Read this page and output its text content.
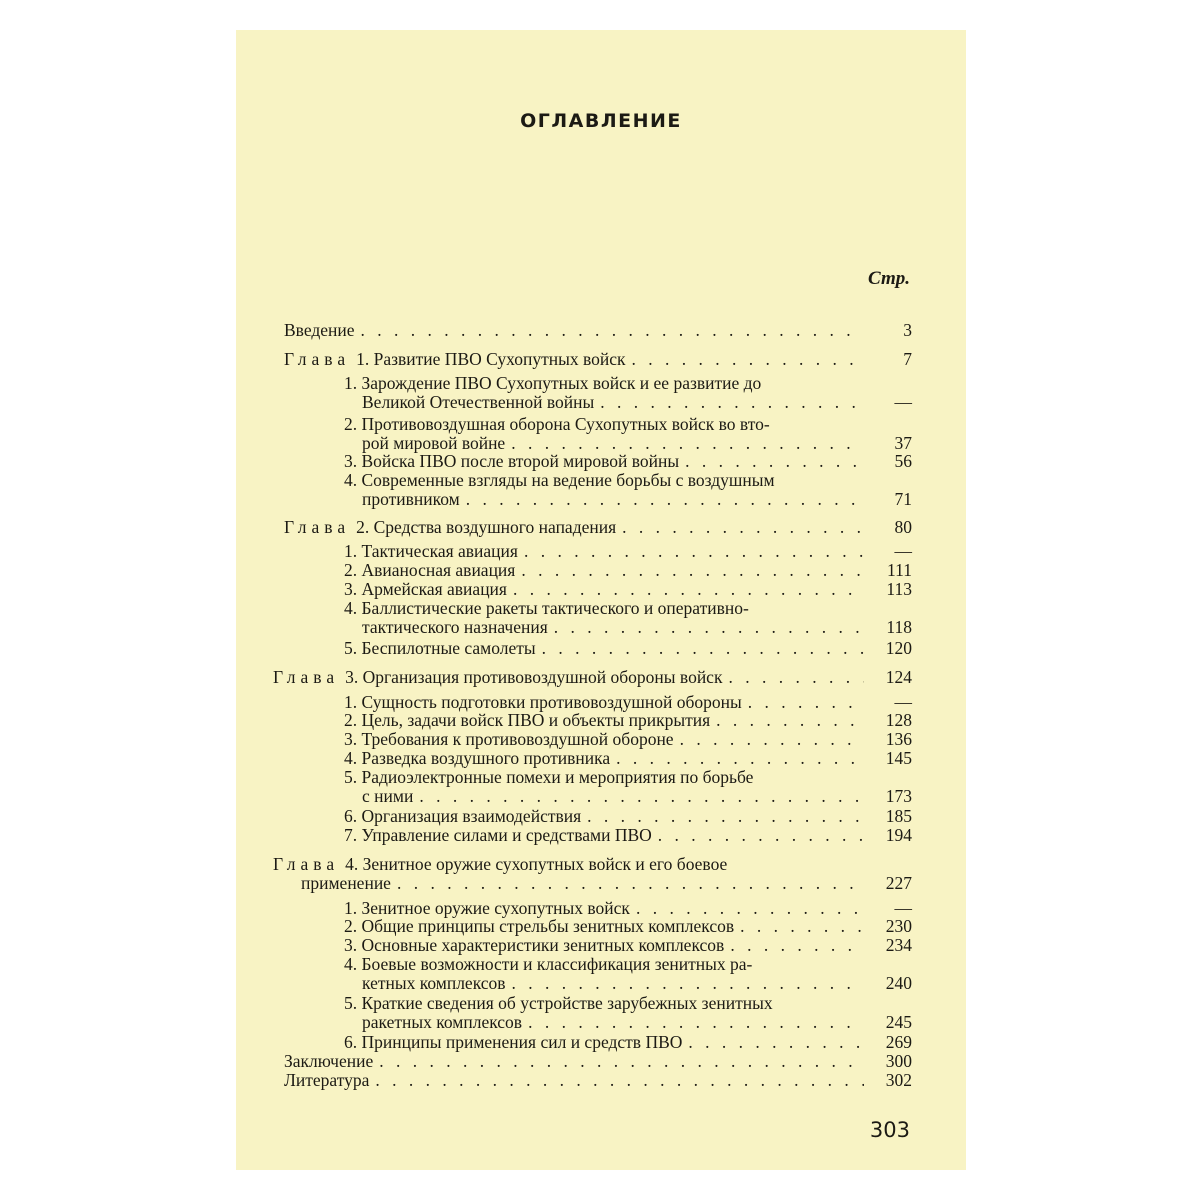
ОГЛАВЛЕНИЕ
Стр.
Введение . . .	3
Глава 1. Развитие ПВО Сухопутных войск . . .	7
1. Зарождение ПВО Сухопутных войск и ее развитие до
Великой Отечественной войны . . .	—
2. Противовоздушная оборона Сухопутных войск во вто-
рой мировой войне . . .	37
3. Войска ПВО после второй мировой войны . . .	56
4. Современные взгляды на ведение борьбы с воздушным
противником . . .	71
Глава 2. Средства воздушного нападения . . .	80
1. Тактическая авиация . . .	—
2. Авианосная авиация . . .	111
3. Армейская авиация . . .	113
4. Баллистические ракеты тактического и оперативно-
тактического назначения . . .	118
5. Беспилотные самолеты . . .	120
Глава 3. Организация противовоздушной обороны войск . . .	124
1. Сущность подготовки противовоздушной обороны . . .	—
2. Цель, задачи войск ПВО и объекты прикрытия . . .	128
3. Требования к противовоздушной обороне . . .	136
4. Разведка воздушного противника . . .	145
5. Радиоэлектронные помехи и мероприятия по борьбе
с ними . . .	173
6. Организация взаимодействия . . .	185
7. Управление силами и средствами ПВО . . .	194
Глава 4. Зенитное оружие сухопутных войск и его боевое
применение . . .	227
1. Зенитное оружие сухопутных войск . . .	—
2. Общие принципы стрельбы зенитных комплексов . . .	230
3. Основные характеристики зенитных комплексов . . .	234
4. Боевые возможности и классификация зенитных ра-
кетных комплексов . . .	240
5. Краткие сведения об устройстве зарубежных зенитных
ракетных комплексов . . .	245
6. Принципы применения сил и средств ПВО . . .	269
Заключение . . .	300
Литература . . .	302
303
